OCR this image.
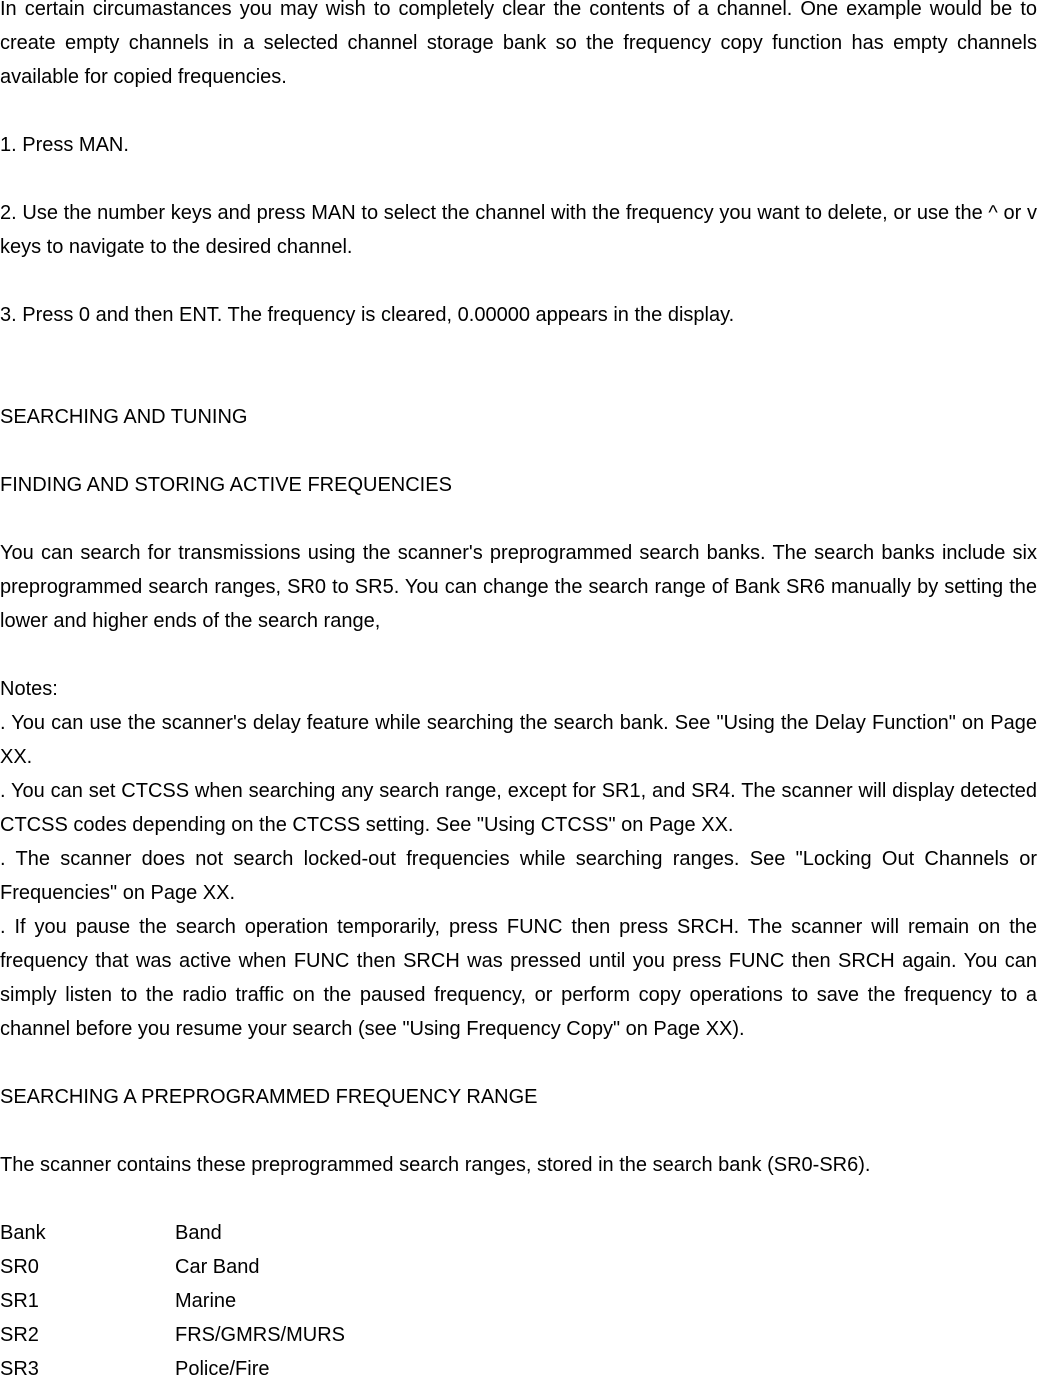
In certain circumastances you may wish to completely clear the contents of a channel. One example would be to create empty channels in a selected channel storage bank so the frequency copy function has empty channels available for copied frequencies.

1. Press MAN.

2. Use the number keys and press MAN to select the channel with the frequency you want to delete, or use the ^ or v keys to navigate to the desired channel.

3. Press 0 and then ENT. The frequency is cleared, 0.00000 appears in the display.

SEARCHING AND TUNING

FINDING AND STORING ACTIVE FREQUENCIES

You can search for transmissions using the scanner's preprogrammed search banks. The search banks include six preprogrammed search ranges, SR0 to SR5. You can change the search range of Bank SR6 manually by setting the lower and higher ends of the search range,

Notes:

. You can use the scanner's delay feature while searching the search bank. See "Using the Delay Function" on Page XX.

. You can set CTCSS when searching any search range, except for SR1, and SR4. The scanner will display detected CTCSS codes depending on the CTCSS setting. See "Using CTCSS" on Page XX.

. The scanner does not search locked-out frequencies while searching ranges. See "Locking Out Channels or Frequencies" on Page XX.

. If you pause the search operation temporarily, press FUNC then press SRCH. The scanner will remain on the frequency that was active when FUNC then SRCH was pressed until you press FUNC then SRCH again. You can simply listen to the radio traffic on the paused frequency, or perform copy operations to save the frequency to a channel before you resume your search (see "Using Frequency Copy" on Page XX).

SEARCHING A PREPROGRAMMED FREQUENCY RANGE

The scanner contains these preprogrammed search ranges, stored in the search bank (SR0-SR6).

Bank	Band
SR0	Car Band
SR1	Marine
SR2	FRS/GMRS/MURS
SR3	Police/Fire
